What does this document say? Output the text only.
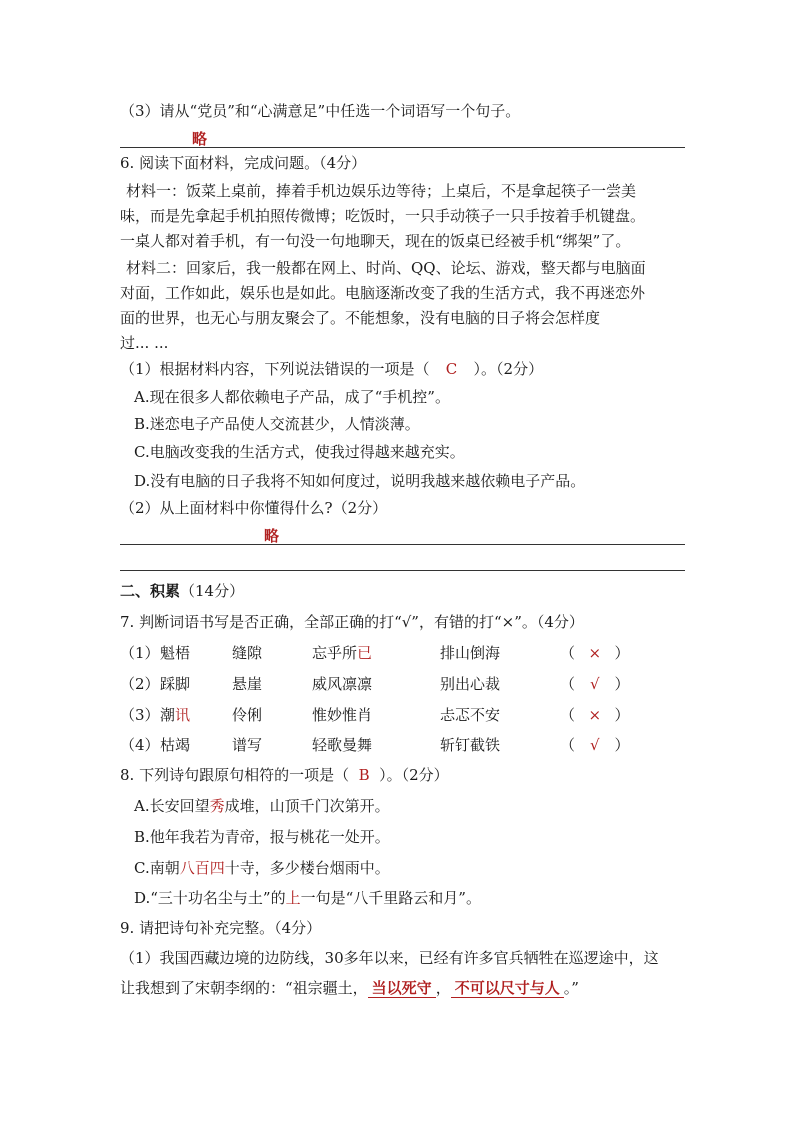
（3）请从“党员”和“心满意足”中任选一个词语写一个句子。
略
6. 阅读下面材料，完成问题。（4分）
材料一：饭菜上桌前，捧着手机边娱乐边等待；上桌后，不是拿起筷子一尝美
味，而是先拿起手机拍照传微博；吃饭时，一只手动筷子一只手按着手机键盘。
一桌人都对着手机，有一句没一句地聊天，现在的饭桌已经被手机“绑架”了。
材料二：回家后，我一般都在网上、时尚、QQ、论坛、游戏，整天都与电脑面
对面，工作如此，娱乐也是如此。电脑逐渐改变了我的生活方式，我不再迷恋外
面的世界，也无心与朋友聚会了。不能想象，没有电脑的日子将会怎样度
过... ...
（1）根据材料内容，下列说法错误的一项是（ C ）。（2分）
A.现在很多人都依赖电子产品，成了“手机控”。
B.迷恋电子产品使人交流甚少，人情淡薄。
C.电脑改变我的生活方式，使我过得越来越充实。
D.没有电脑的日子我将不知如何度过，说明我越来越依赖电子产品。
（2）从上面材料中你懂得什么?（2分）
略
二、积累（14分）
7. 判断词语书写是否正确，全部正确的打“√”，有错的打“×”。（4分）
（1） 魁梧	缝隙	忘乎所已	排山倒海	（ × ）
（2） 踩脚	悬崖	威风凛凛	别出心裁	（ √ ）
（3） 潮讯	伶俐	惟妙惟肖	忐忑不安	（ × ）
（4） 枯竭	谱写	轻歌曼舞	斩钉截铁	（ √ ）
8. 下列诗句跟原句相符的一项是（ B ）。（2分）
A.长安回望秀成堆，山顶千门次第开。
B.他年我若为青帝，报与桃花一处开。
C.南朝八百四十寺，多少楼台烟雨中。
D.“三十功名尘与土”的上一句是“八千里路云和月”。
9. 请把诗句补充完整。（4分）
（1）我国西藏边境的边防线，30多年以来，已经有许多官兵牺牲在巡逻途中，这
让我想到了宋朝李纲的：“祖宗疆土， 当以死守 ， 不可以尺寸与人 。”
